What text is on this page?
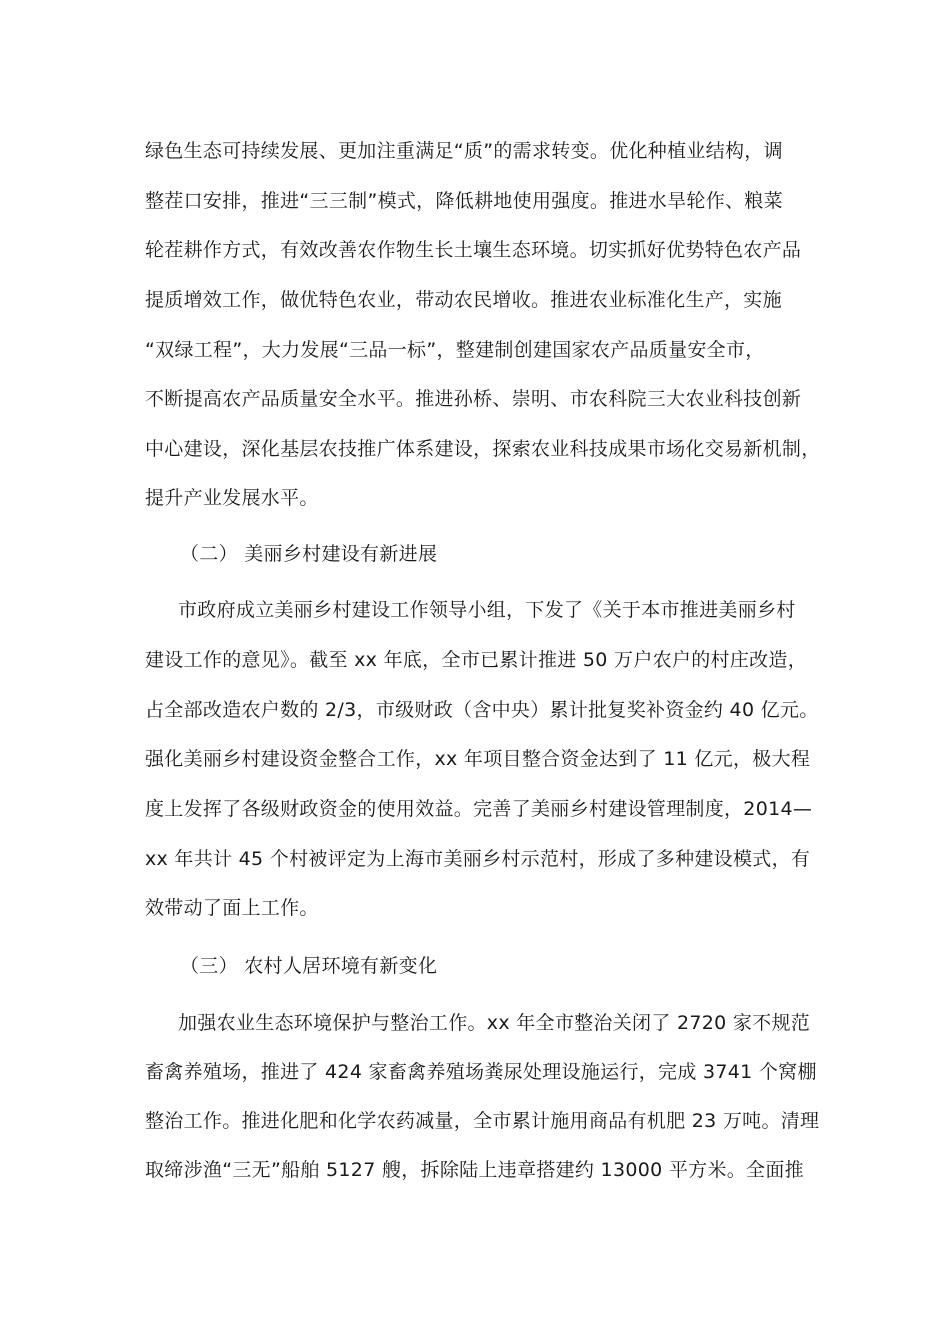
绿色生态可持续发展、更加注重满足“质”的需求转变。优化种植业结构，调
整茬口安排，推进“三三制”模式，降低耕地使用强度。推进水旱轮作、粮菜
轮茬耕作方式，有效改善农作物生长土壤生态环境。切实抓好优势特色农产品
提质增效工作，做优特色农业，带动农民增收。推进农业标准化生产，实施
“双绿工程”，大力发展“三品一标”，整建制创建国家农产品质量安全市，
不断提高农产品质量安全水平。推进孙桥、崇明、市农科院三大农业科技创新
中心建设，深化基层农技推广体系建设，探索农业科技成果市场化交易新机制，
提升产业发展水平。
（二） 美丽乡村建设有新进展
市政府成立美丽乡村建设工作领导小组，下发了《关于本市推进美丽乡村
建设工作的意见》。截至 xx 年底，全市已累计推进 50 万户农户的村庄改造，
占全部改造农户数的 2/3，市级财政（含中央）累计批复奖补资金约 40 亿元。
强化美丽乡村建设资金整合工作，xx 年项目整合资金达到了 11 亿元，极大程
度上发挥了各级财政资金的使用效益。完善了美丽乡村建设管理制度，2014—
xx 年共计 45 个村被评定为上海市美丽乡村示范村，形成了多种建设模式，有
效带动了面上工作。
（三） 农村人居环境有新变化
加强农业生态环境保护与整治工作。xx 年全市整治关闭了 2720 家不规范
畜禽养殖场，推进了 424 家畜禽养殖场粪尿处理设施运行，完成 3741 个窝棚
整治工作。推进化肥和化学农药减量，全市累计施用商品有机肥 23 万吨。清理
取缔涉渔“三无”船舶 5127 艘，拆除陆上违章搭建约 13000 平方米。全面推
